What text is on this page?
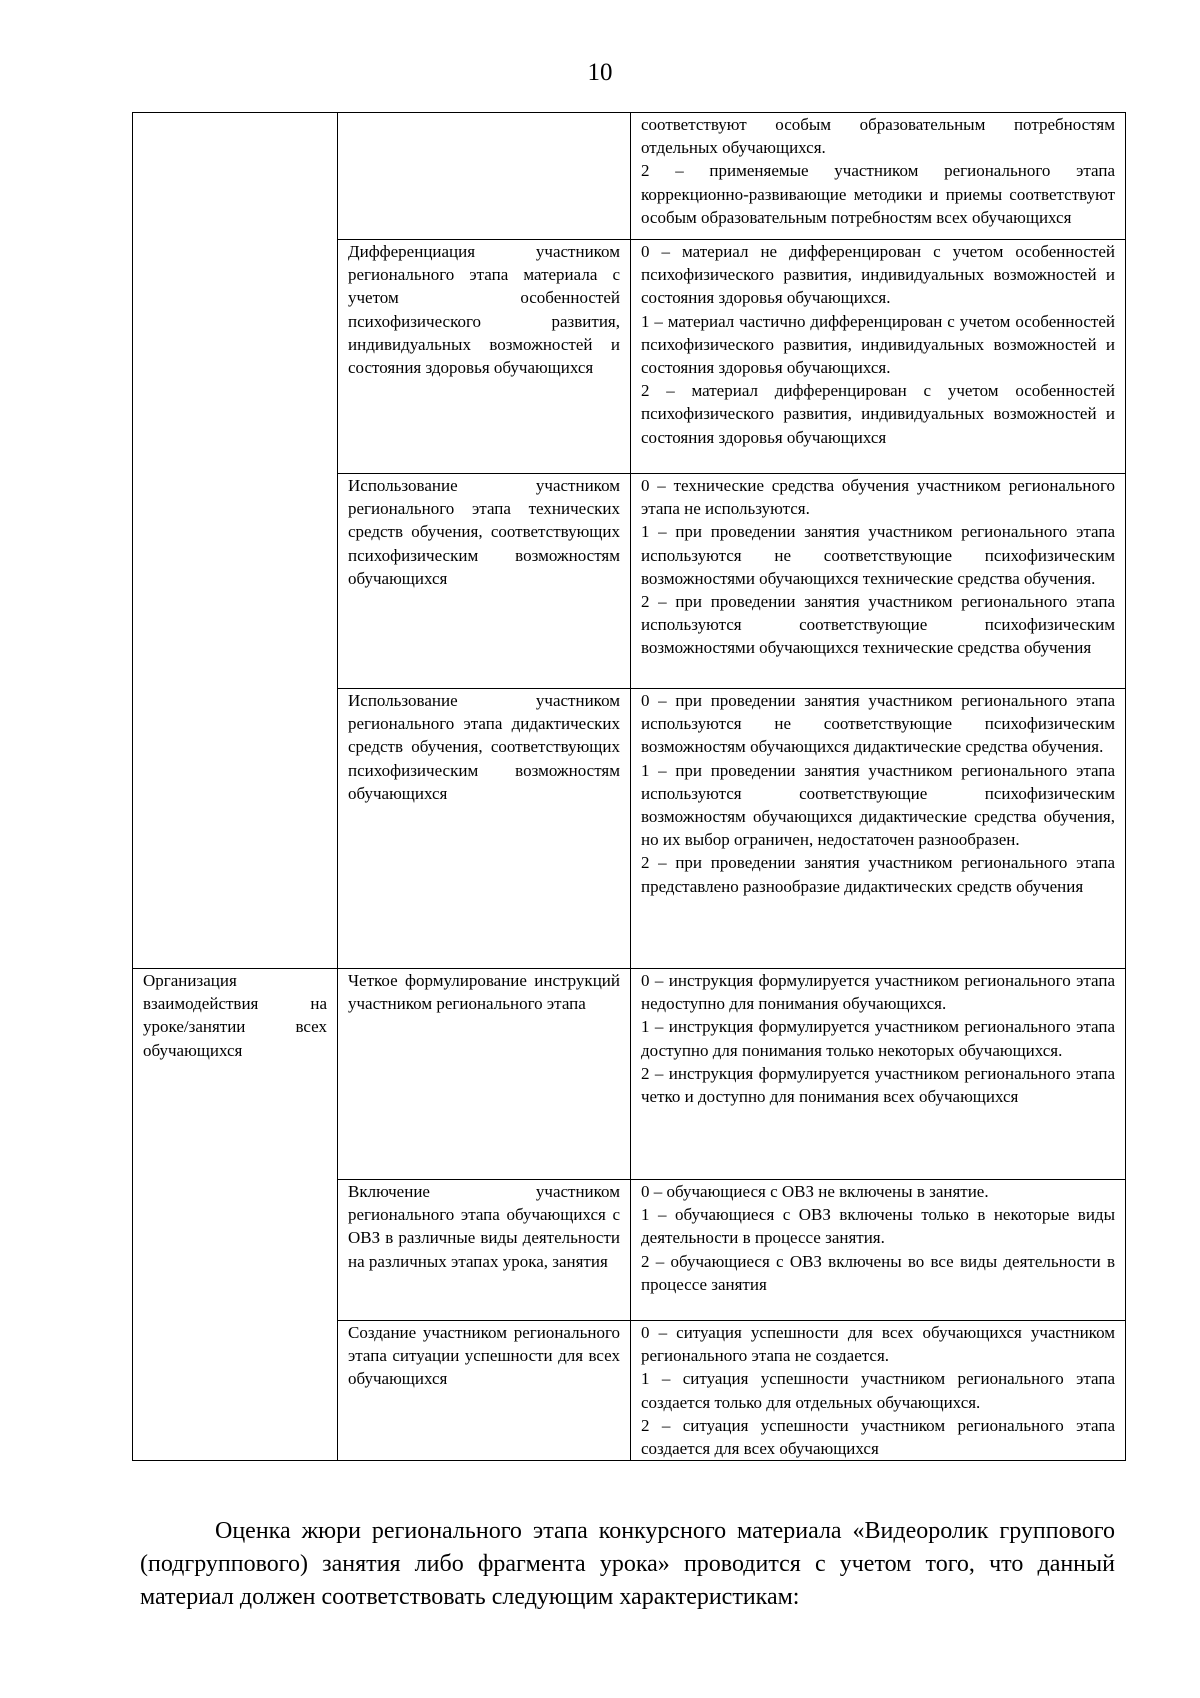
10

		соответствуют особым образовательным потребностям отдельных обучающихся.
2 – применяемые участником регионального этапа коррекционно-развивающие методики и приемы соответствуют особым образовательным потребностям всех обучающихся

	Дифференциация участником регионального этапа материала с учетом особенностей психофизического развития, индивидуальных возможностей и состояния здоровья обучающихся	0 – материал не дифференцирован с учетом особенностей психофизического развития, индивидуальных возможностей и состояния здоровья обучающихся.
1 – материал частично дифференцирован с учетом особенностей психофизического развития, индивидуальных возможностей и состояния здоровья обучающихся.
2 – материал дифференцирован с учетом особенностей психофизического развития, индивидуальных возможностей и состояния здоровья обучающихся

	Использование участником регионального этапа технических средств обучения, соответствующих психофизическим возможностям обучающихся	0 – технические средства обучения участником регионального этапа не используются.
1 – при проведении занятия участником регионального этапа используются не соответствующие психофизическим возможностями обучающихся технические средства обучения.
2 – при проведении занятия участником регионального этапа используются соответствующие психофизическим возможностями обучающихся технические средства обучения

	Использование участником регионального этапа дидактических средств обучения, соответствующих психофизическим возможностям обучающихся	0 – при проведении занятия участником регионального этапа используются не соответствующие психофизическим возможностям обучающихся дидактические средства обучения.
1 – при проведении занятия участником регионального этапа используются соответствующие психофизическим возможностям обучающихся дидактические средства обучения, но их выбор ограничен, недостаточен разнообразен.
2 – при проведении занятия участником регионального этапа представлено разнообразие дидактических средств обучения

Организация взаимодействия на уроке/занятии всех обучающихся	Четкое формулирование инструкций участником регионального этапа	0 – инструкция формулируется участником регионального этапа недоступно для понимания обучающихся.
1 – инструкция формулируется участником регионального этапа доступно для понимания только некоторых обучающихся.
2 – инструкция формулируется участником регионального этапа четко и доступно для понимания всех обучающихся

	Включение участником регионального этапа обучающихся с ОВЗ в различные виды деятельности на различных этапах урока, занятия	0 – обучающиеся с ОВЗ не включены в занятие.
1 – обучающиеся с ОВЗ включены только в некоторые виды деятельности в процессе занятия.
2 – обучающиеся с ОВЗ включены во все виды деятельности в процессе занятия

	Создание участником регионального этапа ситуации успешности для всех обучающихся	0 – ситуация успешности для всех обучающихся участником регионального этапа не создается.
1 – ситуация успешности участником регионального этапа создается только для отдельных обучающихся.
2 – ситуация успешности участником регионального этапа создается для всех обучающихся

Оценка жюри регионального этапа конкурсного материала «Видеоролик группового (подгруппового) занятия либо фрагмента урока» проводится с учетом того, что данный материал должен соответствовать следующим характеристикам:
